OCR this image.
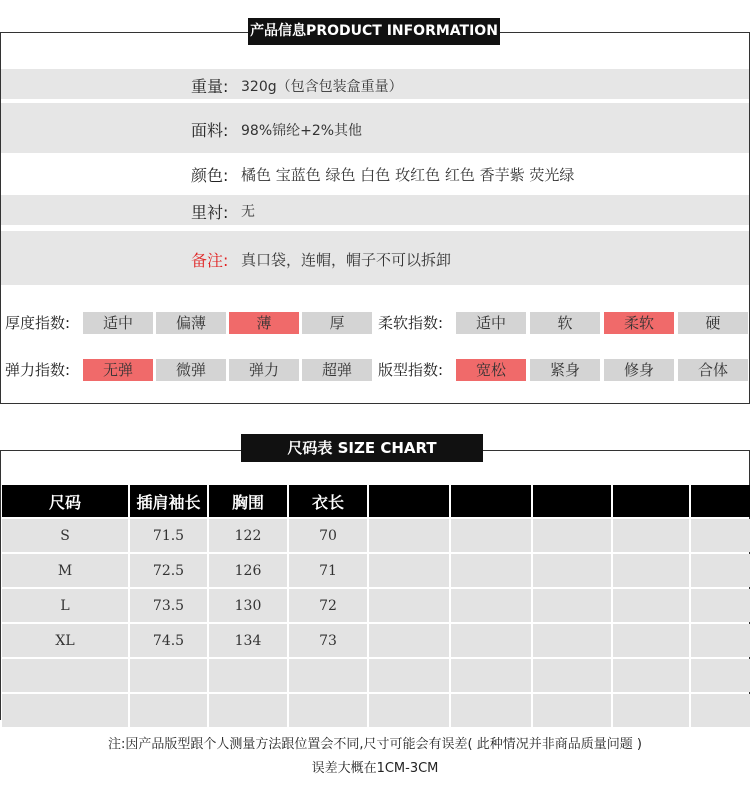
产品信息PRODUCT INFORMATION
重量: 320g（包含包装盒重量）
面料: 98%锦纶+2%其他
颜色: 橘色 宝蓝色 绿色 白色 玫红色 红色 香芋紫 荧光绿
里衬: 无
备注: 真口袋，连帽，帽子不可以拆卸
厚度指数:	适中	偏薄	薄	厚	柔软指数:	适中	软	柔软	硬
弹力指数:	无弹	微弹	弹力	超弹	版型指数:	宽松	紧身	修身	合体
尺码表 SIZE CHART
尺码	插肩袖长	胸围	衣长					
S	71.5	122	70					
M	72.5	126	71					
L	73.5	130	72					
XL	74.5	134	73					

注:因产品版型跟个人测量方法跟位置会不同,尺寸可能会有误差( 此种情况并非商品质量问题 )
误差大概在1CM-3CM
